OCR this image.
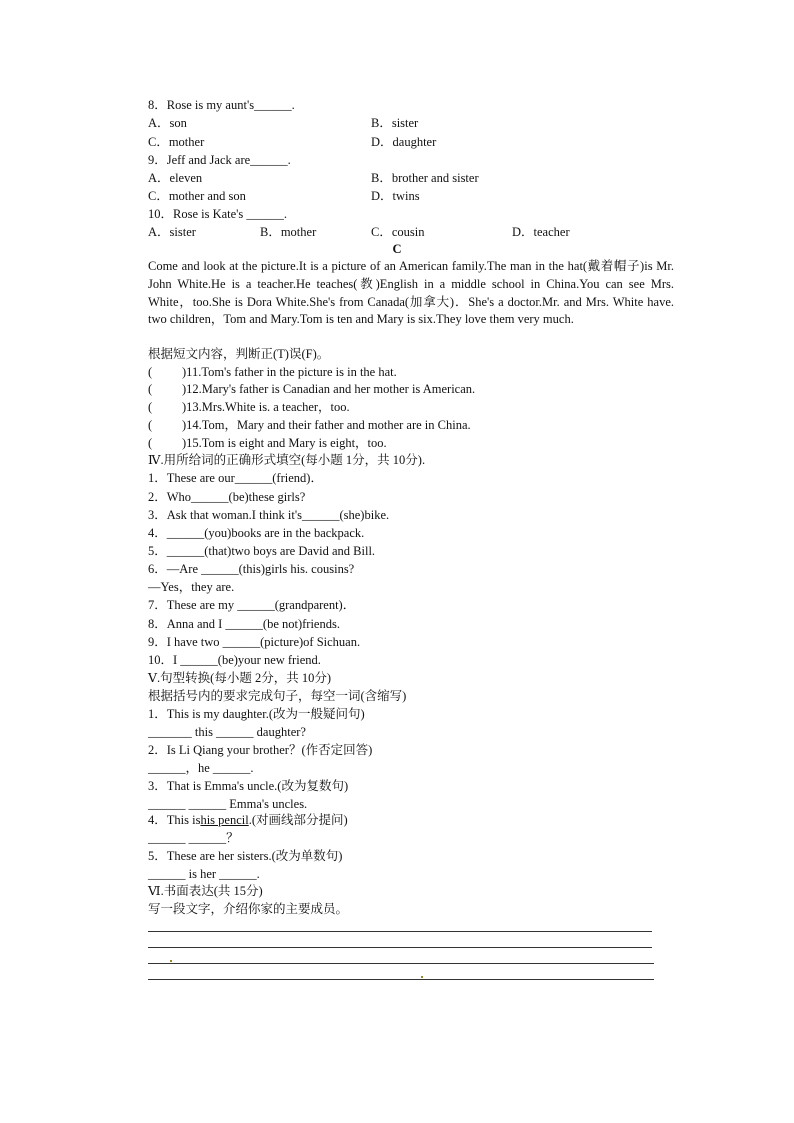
8．Rose is my aunt's______.
A．son	B．sister
C．mother	D．daughter
9．Jeff and Jack are______.
A．eleven	B．brother and sister
C．mother and son	D．twins
10．Rose is Kate's ______.
A．sister	B．mother	C．cousin	D．teacher
C
Come and look at the picture.It is a picture of an American family.The man in the hat(戴着帽子)is Mr. John White.He is a teacher.He teaches(教)English in a middle school in China.You can see Mrs. White，too.She is Dora White.She's from Canada(加拿大)．She's a doctor.Mr. and Mrs. White have. two children，Tom and Mary.Tom is ten and Mary is six.They love them very much.
根据短文内容，判断正(T)误(F)。
( )11.Tom's father in the picture is in the hat.
( )12.Mary's father is Canadian and her mother is American.
( )13.Mrs.White is. a teacher，too.
( )14.Tom，Mary and their father and mother are in China.
( )15.Tom is eight and Mary is eight，too.
Ⅳ.用所给词的正确形式填空(每小题 1分，共 10分).
1．These are our______(friend)．
2．Who______(be)these girls?
3．Ask that woman.I think it's______(she)bike.
4．______(you)books are in the backpack.
5．______(that)two boys are David and Bill.
6．—Are ______(this)girls his. cousins?
—Yes，they are.
7．These are my ______(grandparent)．
8．Anna and I ______(be not)friends.
9．I have two ______(picture)of Sichuan.
10．I ______(be)your new friend.
Ⅴ.句型转换(每小题 2分，共 10分)
根据括号内的要求完成句子，每空一词(含缩写)
1．This is my daughter.(改为一般疑问句)
_______ this ______ daughter?
2．Is Li Qiang your brother？(作否定回答)
______，he ______.
3．That is Emma's uncle.(改为复数句)
______ ______ Emma's uncles.
4．This ishis pencil.(对画线部分提问)
______ ______？
5．These are her sisters.(改为单数句)
______ is her ______.
Ⅵ.书面表达(共 15分)
写一段文字，介绍你家的主要成员。
